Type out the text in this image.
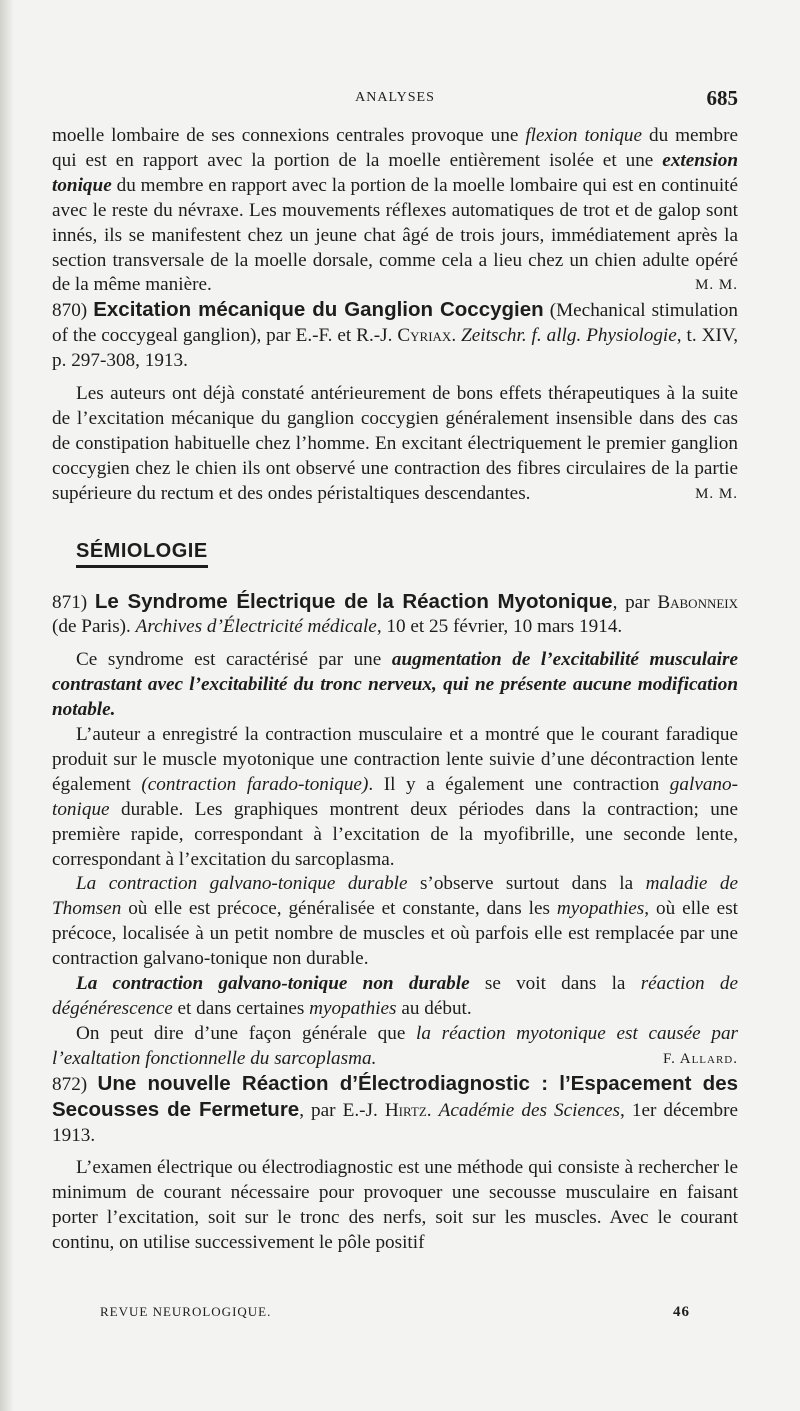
ANALYSES	685

moelle lombaire de ses connexions centrales provoque une flexion tonique du membre qui est en rapport avec la portion de la moelle entièrement isolée et une extension tonique du membre en rapport avec la portion de la moelle lombaire qui est en continuité avec le reste du névraxe. Les mouvements réflexes automatiques de trot et de galop sont innés, ils se manifestent chez un jeune chat âgé de trois jours, immédiatement après la section transversale de la moelle dorsale, comme cela a lieu chez un chien adulte opéré de la même manière.	M. M.

870) Excitation mécanique du Ganglion Coccygien (Mechanical stimulation of the coccygeal ganglion), par E.-F. et R.-J. Cyriax. Zeitschr. f. allg. Physiologie, t. XIV, p. 297-308, 1913.

Les auteurs ont déjà constaté antérieurement de bons effets thérapeutiques à la suite de l’excitation mécanique du ganglion coccygien généralement insensible dans des cas de constipation habituelle chez l’homme. En excitant électriquement le premier ganglion coccygien chez le chien ils ont observé une contraction des fibres circulaires de la partie supérieure du rectum et des ondes péristaltiques descendantes.	M. M.

SÉMIOLOGIE

871) Le Syndrome Électrique de la Réaction Myotonique, par Babonneix (de Paris). Archives d’Électricité médicale, 10 et 25 février, 10 mars 1914.

Ce syndrome est caractérisé par une augmentation de l’excitabilité musculaire contrastant avec l’excitabilité du tronc nerveux, qui ne présente aucune modification notable.

L’auteur a enregistré la contraction musculaire et a montré que le courant faradique produit sur le muscle myotonique une contraction lente suivie d’une décontraction lente également (contraction farado-tonique). Il y a également une contraction galvano-tonique durable. Les graphiques montrent deux périodes dans la contraction; une première rapide, correspondant à l’excitation de la myofibrille, une seconde lente, correspondant à l’excitation du sarcoplasma.

La contraction galvano-tonique durable s’observe surtout dans la maladie de Thomsen où elle est précoce, généralisée et constante, dans les myopathies, où elle est précoce, localisée à un petit nombre de muscles et où parfois elle est remplacée par une contraction galvano-tonique non durable.

La contraction galvano-tonique non durable se voit dans la réaction de dégénérescence et dans certaines myopathies au début.

On peut dire d’une façon générale que la réaction myotonique est causée par l’exaltation fonctionnelle du sarcoplasma.	F. Allard.

872) Une nouvelle Réaction d’Électrodiagnostic : l’Espacement des Secousses de Fermeture, par E.-J. Hirtz. Académie des Sciences, 1er décembre 1913.

L’examen électrique ou électrodiagnostic est une méthode qui consiste à rechercher le minimum de courant nécessaire pour provoquer une secousse musculaire en faisant porter l’excitation, soit sur le tronc des nerfs, soit sur les muscles. Avec le courant continu, on utilise successivement le pôle positif

REVUE NEUROLOGIQUE.	46
